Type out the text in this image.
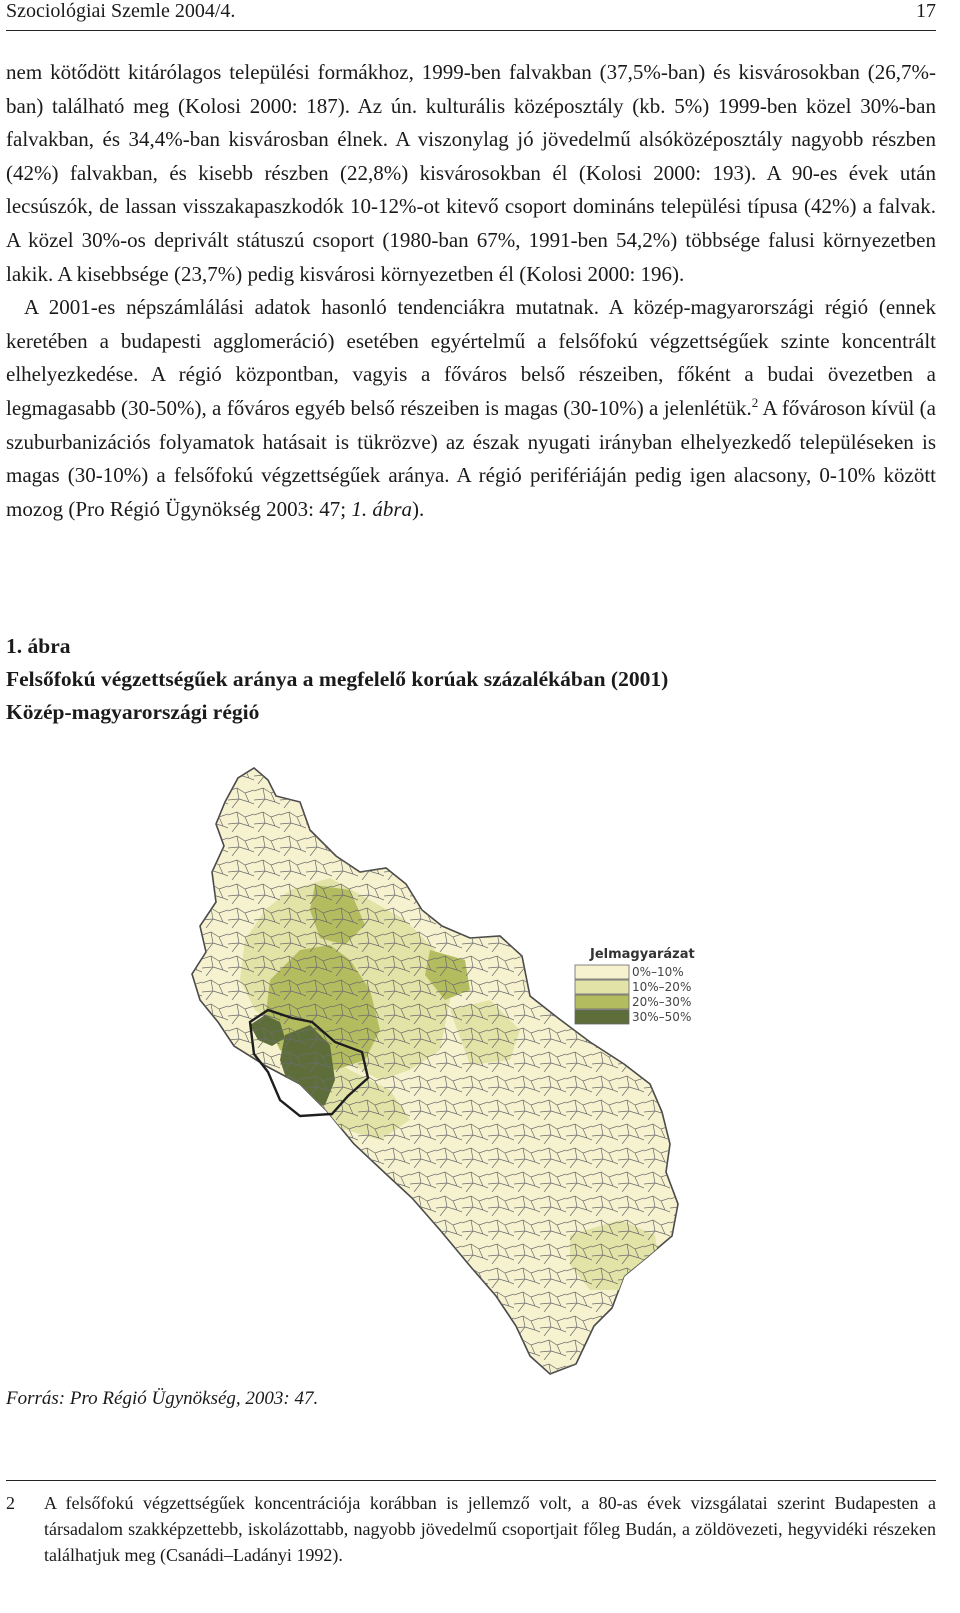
Szociológiai Szemle 2004/4.	17

nem kötődött kitárólagos települési formákhoz, 1999-ben falvakban (37,5%-ban) és kisvárosokban (26,7%-ban) található meg (Kolosi 2000: 187). Az ún. kulturális középosztály (kb. 5%) 1999-ben közel 30%-ban falvakban, és 34,4%-ban kisvárosban élnek. A viszonylag jó jövedelmű alsóközéposztály nagyobb részben (42%) falvakban, és kisebb részben (22,8%) kisvárosokban él (Kolosi 2000: 193). A 90-es évek után lecsúszók, de lassan visszakapaszkodók 10-12%-ot kitevő csoport domináns települési típusa (42%) a falvak. A közel 30%-os deprivált státuszú csoport (1980-ban 67%, 1991-ben 54,2%) többsége falusi környezetben lakik. A kisebbsége (23,7%) pedig kisvárosi környezetben él (Kolosi 2000: 196).

A 2001-es népszámlálási adatok hasonló tendenciákra mutatnak. A közép-magyarországi régió (ennek keretében a budapesti agglomeráció) esetében egyértelmű a felsőfokú végzettségűek szinte koncentrált elhelyezkedése. A régió központban, vagyis a főváros belső részeiben, főként a budai övezetben a legmagasabb (30-50%), a főváros egyéb belső részeiben is magas (30-10%) a jelenlétük.$^2$ A fővároson kívül (a szuburbanizációs folyamatok hatásait is tükrözve) az észak nyugati irányban elhelyezkedő településeken is magas (30-10%) a felsőfokú végzettségűek aránya. A régió perifériáján pedig igen alacsony, 0-10% között mozog (Pro Régió Ügynökség 2003: 47; 1. ábra).

1. ábra
Felsőfokú végzettségűek aránya a megfelelő korúak százalékában (2001)
Közép-magyarországi régió
Jelmagyarázat
0%–10%
10%–20%
20%–30%
30%–50%
Forrás: Pro Régió Ügynökség, 2003: 47.
2	A felsőfokú végzettségűek koncentrációja korábban is jellemző volt, a 80-as évek vizsgálatai szerint Budapesten a társadalom szakképzettebb, iskolázottabb, nagyobb jövedelmű csoportjait főleg Budán, a zöldövezeti, hegyvidéki részeken találhatjuk meg (Csanádi–Ladányi 1992).
